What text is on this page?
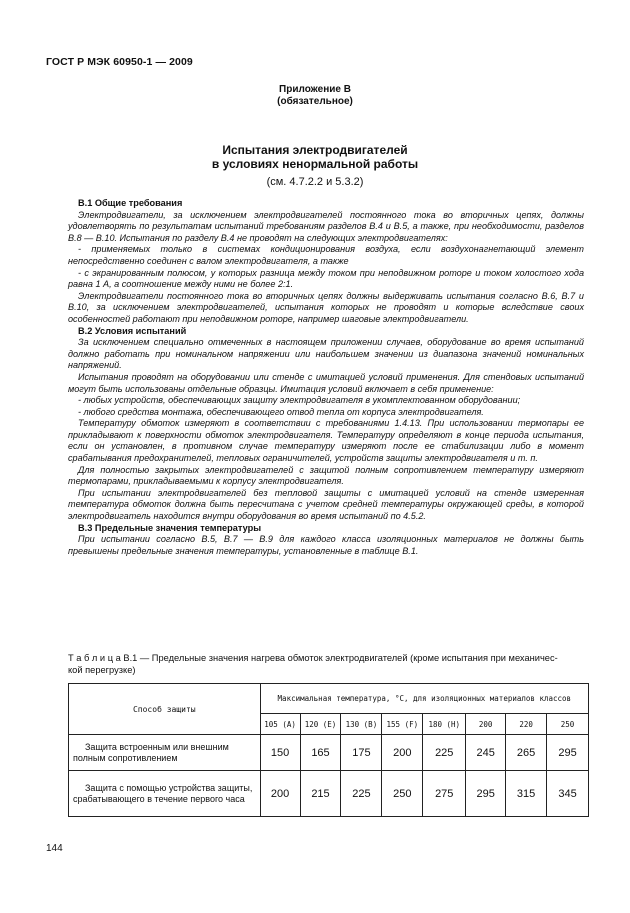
ГОСТ Р МЭК 60950-1 — 2009
Приложение В
(обязательное)
Испытания электродвигателей
в условиях ненормальной работы
(см. 4.7.2.2 и 5.3.2)
В.1 Общие требования

Электродвигатели, за исключением электродвигателей постоянного тока во вторичных цепях, должны удовлетворять по результатам испытаний требованиям разделов В.4 и В.5, а также, при необходимости, разделов В.8 — В.10. Испытания по разделу В.4 не проводят на следующих электродвигателях:

- применяемых только в системах кондиционирования воздуха, если воздухонагнетающий элемент непосредственно соединен с валом электродвигателя, а также

- с экранированным полюсом, у которых разница между током при неподвижном роторе и током холостого хода равна 1 А, а соотношение между ними не более 2:1.

Электродвигатели постоянного тока во вторичных цепях должны выдерживать испытания согласно В.6, В.7 и В.10, за исключением электродвигателей, испытания которых не проводят и которые вследствие своих особенностей работают при неподвижном роторе, например шаговые электродвигатели.

В.2 Условия испытаний

За исключением специально отмеченных в настоящем приложении случаев, оборудование во время испытаний должно работать при номинальном напряжении или наибольшем значении из диапазона значений номинальных напряжений.

Испытания проводят на оборудовании или стенде с имитацией условий применения. Для стендовых испытаний могут быть использованы отдельные образцы. Имитация условий включает в себя применение:

- любых устройств, обеспечивающих защиту электродвигателя в укомплектованном оборудовании;

- любого средства монтажа, обеспечивающего отвод тепла от корпуса электродвигателя.

Температуру обмоток измеряют в соответствии с требованиями 1.4.13. При использовании термопары ее прикладывают к поверхности обмоток электродвигателя. Температуру определяют в конце периода испытания, если он установлен, в противном случае температуру измеряют после ее стабилизации либо в момент срабатывания предохранителей, тепловых ограничителей, устройств защиты электродвигателя и т. п.

Для полностью закрытых электродвигателей с защитой полным сопротивлением температуру измеряют термопарами, прикладываемыми к корпусу электродвигателя.

При испытании электродвигателей без тепловой защиты с имитацией условий на стенде измеренная температура обмоток должна быть пересчитана с учетом средней температуры окружающей среды, в которой электродвигатель находится внутри оборудования во время испытаний по 4.5.2.

В.3 Предельные значения температуры

При испытании согласно В.5, В.7 — В.9 для каждого класса изоляционных материалов не должны быть превышены предельные значения температуры, установленные в таблице В.1.

Т а б л и ц а В.1 — Предельные значения нагрева обмоток электродвигателей (кроме испытания при механичес-
кой перегрузке)
Способ защиты	Максимальная температура, °С, для изоляционных материалов классов							
	105 (А)	120 (Е)	130 (В)	155 (F)	180 (Н)	200	220	250
Защита встроенным или внешним полным сопротивлением	150	165	175	200	225	245	265	295
Защита с помощью устройства защиты, срабатывающего в течение первого часа	200	215	225	250	275	295	315	345
144
